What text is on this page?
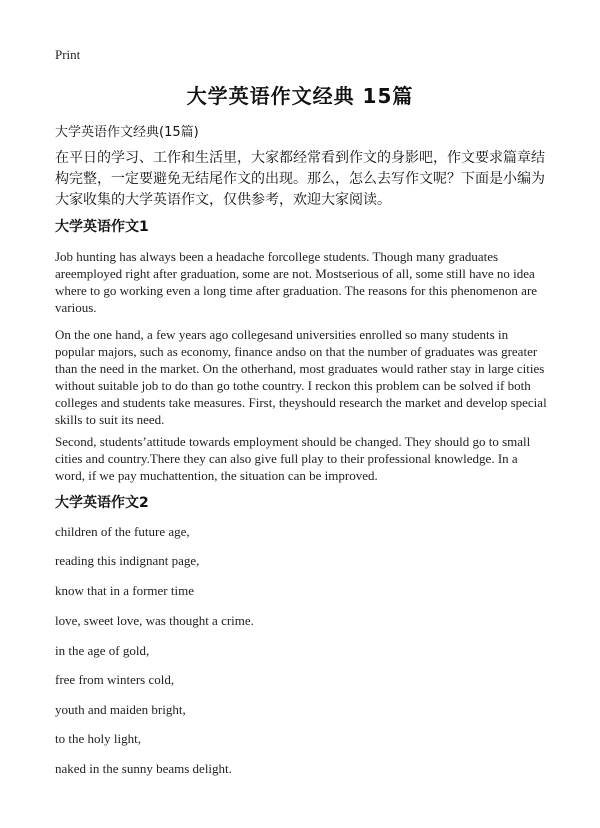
Print
大学英语作文经典 15篇
大学英语作文经典(15篇)
在平日的学习、工作和生活里，大家都经常看到作文的身影吧，作文要求篇章结构完整，一定要避免无结尾作文的出现。那么，怎么去写作文呢？下面是小编为大家收集的大学英语作文，仅供参考，欢迎大家阅读。
大学英语作文1
Job hunting has always been a headache forcollege students. Though many graduates areemployed right after graduation, some are not. Mostserious of all, some still have no idea where to go working even a long time after graduation. The reasons for this phenomenon are various.
On the one hand, a few years ago collegesand universities enrolled so many students in popular majors, such as economy, finance andso on that the number of graduates was greater than the need in the market. On the otherhand, most graduates would rather stay in large cities without suitable job to do than go tothe country. I reckon this problem can be solved if both colleges and students take measures. First, theyshould research the market and develop special skills to suit its need.
Second, students’attitude towards employment should be changed. They should go to small cities and country.There they can also give full play to their professional knowledge. In a word, if we pay muchattention, the situation can be improved.
大学英语作文2
children of the future age,
reading this indignant page,
know that in a former time
love, sweet love, was thought a crime.
in the age of gold,
free from winters cold,
youth and maiden bright,
to the holy light,
naked in the sunny beams delight.
